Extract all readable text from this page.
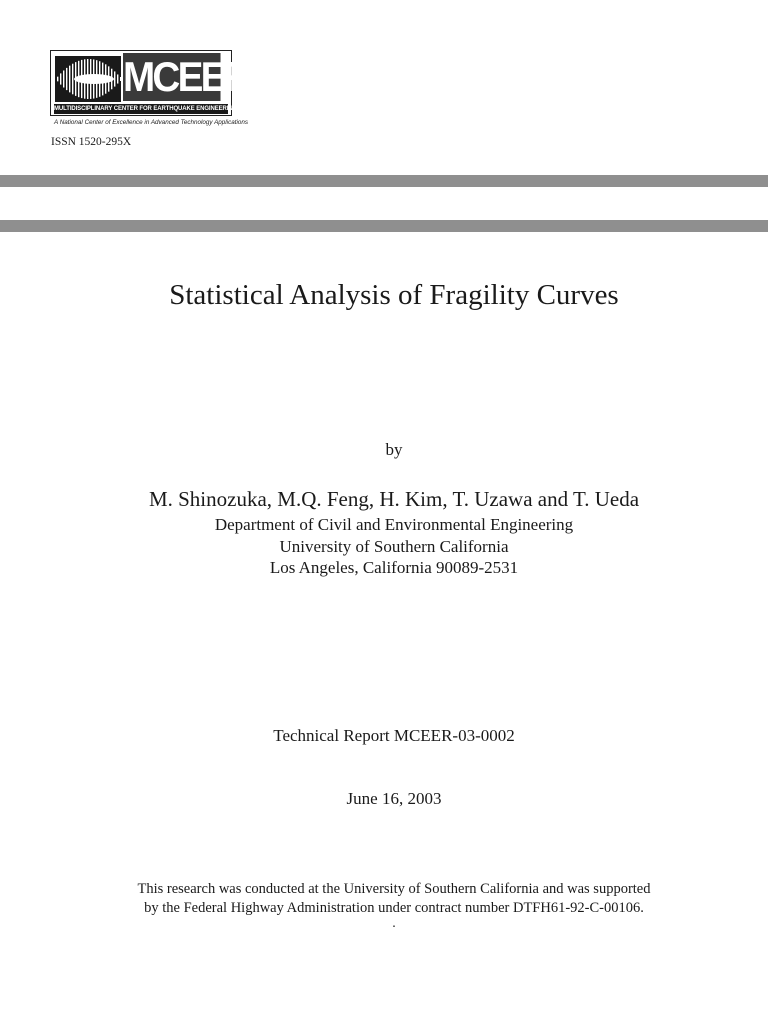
MCEER
MULTIDISCIPLINARY CENTER FOR EARTHQUAKE ENGINEERING RESEARCH
A National Center of Excellence in Advanced Technology Applications
ISSN 1520-295X
Statistical Analysis of Fragility Curves
by
M. Shinozuka, M.Q. Feng, H. Kim, T. Uzawa and T. Ueda
Department of Civil and Environmental Engineering
University of Southern California
Los Angeles, California 90089-2531
Technical Report MCEER-03-0002
June 16, 2003
This research was conducted at the University of Southern California and was supported
by the Federal Highway Administration under contract number DTFH61-92-C-00106.
.
